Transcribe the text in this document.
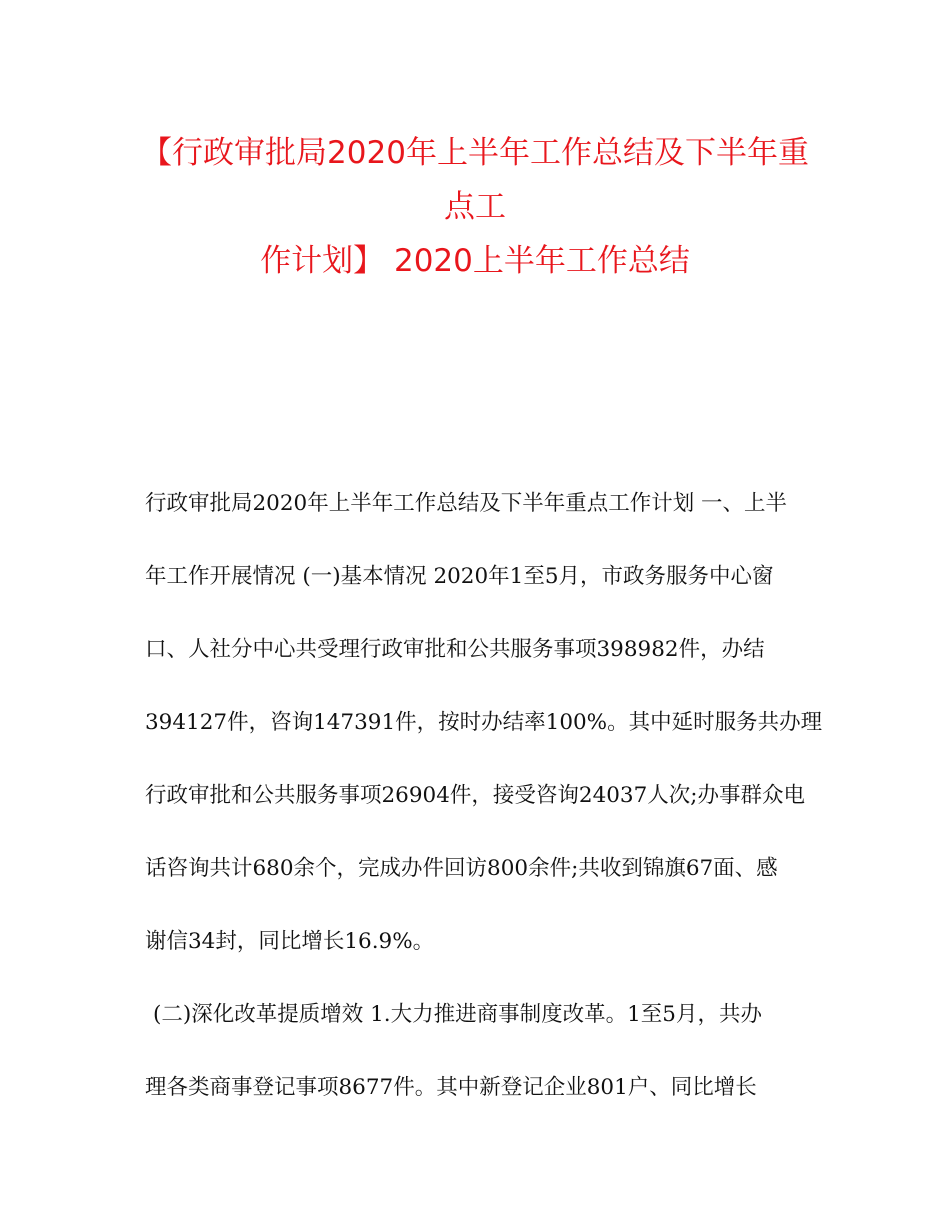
【行政审批局2020年上半年工作总结及下半年重点工
作计划】 2020上半年工作总结
行政审批局2020年上半年工作总结及下半年重点工作计划 一、上半
年工作开展情况 (一)基本情况 2020年1至5月，市政务服务中心窗
口、人社分中心共受理行政审批和公共服务事项398982件，办结
394127件，咨询147391件，按时办结率100%。其中延时服务共办理
行政审批和公共服务事项26904件，接受咨询24037人次;办事群众电
话咨询共计680余个，完成办件回访800余件;共收到锦旗67面、感
谢信34封，同比增长16.9%。
(二)深化改革提质增效 1.大力推进商事制度改革。1至5月，共办
理各类商事登记事项8677件。其中新登记企业801户、同比增长
